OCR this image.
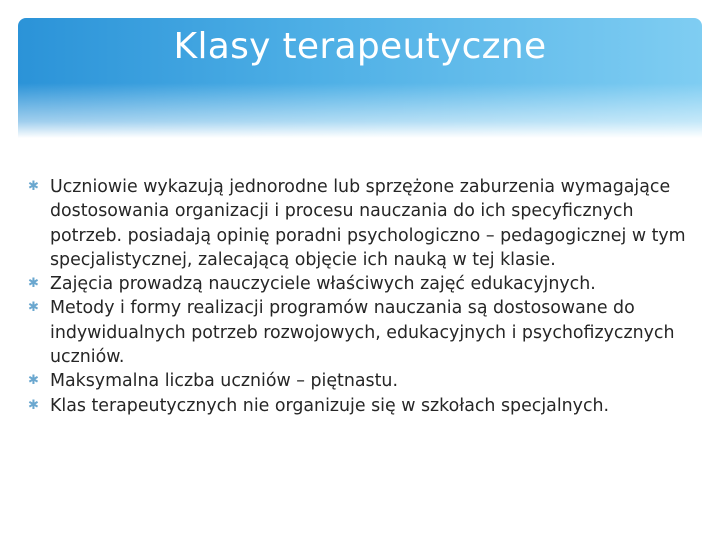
Klasy terapeutyczne
✱ Uczniowie wykazują jednorodne lub sprzężone zaburzenia wymagające dostosowania organizacji i procesu nauczania do ich specyficznych potrzeb. posiadają opinię poradni psychologiczno – pedagogicznej w tym specjalistycznej, zalecającą objęcie ich nauką w tej klasie.
✱ Zajęcia prowadzą nauczyciele właściwych zajęć edukacyjnych.
✱ Metody i formy realizacji programów nauczania są dostosowane do indywidualnych potrzeb rozwojowych, edukacyjnych i psychofizycznych uczniów.
✱ Maksymalna liczba uczniów – piętnastu.
✱ Klas terapeutycznych nie organizuje się w szkołach specjalnych.
